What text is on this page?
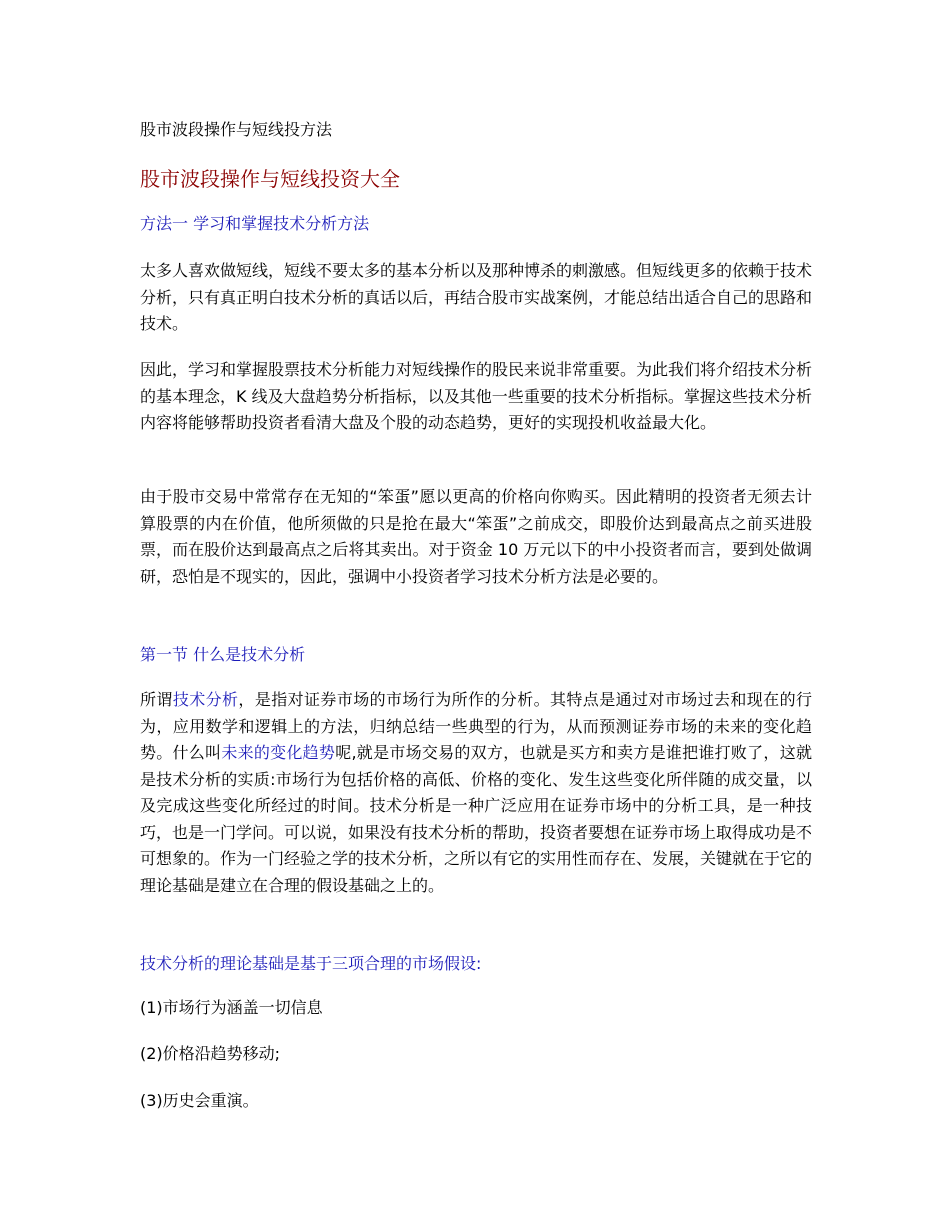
股市波段操作与短线投方法

股市波段操作与短线投资大全
方法一 学习和掌握技术分析方法

太多人喜欢做短线，短线不要太多的基本分析以及那种博杀的刺激感。但短线更多的依赖于技术分析，只有真正明白技术分析的真话以后，再结合股市实战案例，才能总结出适合自己的思路和技术。

因此，学习和掌握股票技术分析能力对短线操作的股民来说非常重要。为此我们将介绍技术分析的基本理念，K 线及大盘趋势分析指标，以及其他一些重要的技术分析指标。掌握这些技术分析内容将能够帮助投资者看清大盘及个股的动态趋势，更好的实现投机收益最大化。

由于股市交易中常常存在无知的“笨蛋”愿以更高的价格向你购买。因此精明的投资者无须去计算股票的内在价值，他所须做的只是抢在最大“笨蛋”之前成交，即股价达到最高点之前买进股票，而在股价达到最高点之后将其卖出。对于资金 10 万元以下的中小投资者而言，要到处做调研，恐怕是不现实的，因此，强调中小投资者学习技术分析方法是必要的。

第一节 什么是技术分析

所谓技术分析，是指对证券市场的市场行为所作的分析。其特点是通过对市场过去和现在的行为，应用数学和逻辑上的方法，归纳总结一些典型的行为，从而预测证券市场的未来的变化趋势。什么叫未来的变化趋势呢,就是市场交易的双方，也就是买方和卖方是谁把谁打败了，这就是技术分析的实质:市场行为包括价格的高低、价格的变化、发生这些变化所伴随的成交量，以及完成这些变化所经过的时间。技术分析是一种广泛应用在证券市场中的分析工具，是一种技巧，也是一门学问。可以说，如果没有技术分析的帮助，投资者要想在证券市场上取得成功是不可想象的。作为一门经验之学的技术分析，之所以有它的实用性而存在、发展，关键就在于它的理论基础是建立在合理的假设基础之上的。

技术分析的理论基础是基于三项合理的市场假设:

(1)市场行为涵盖一切信息

(2)价格沿趋势移动;

(3)历史会重演。
